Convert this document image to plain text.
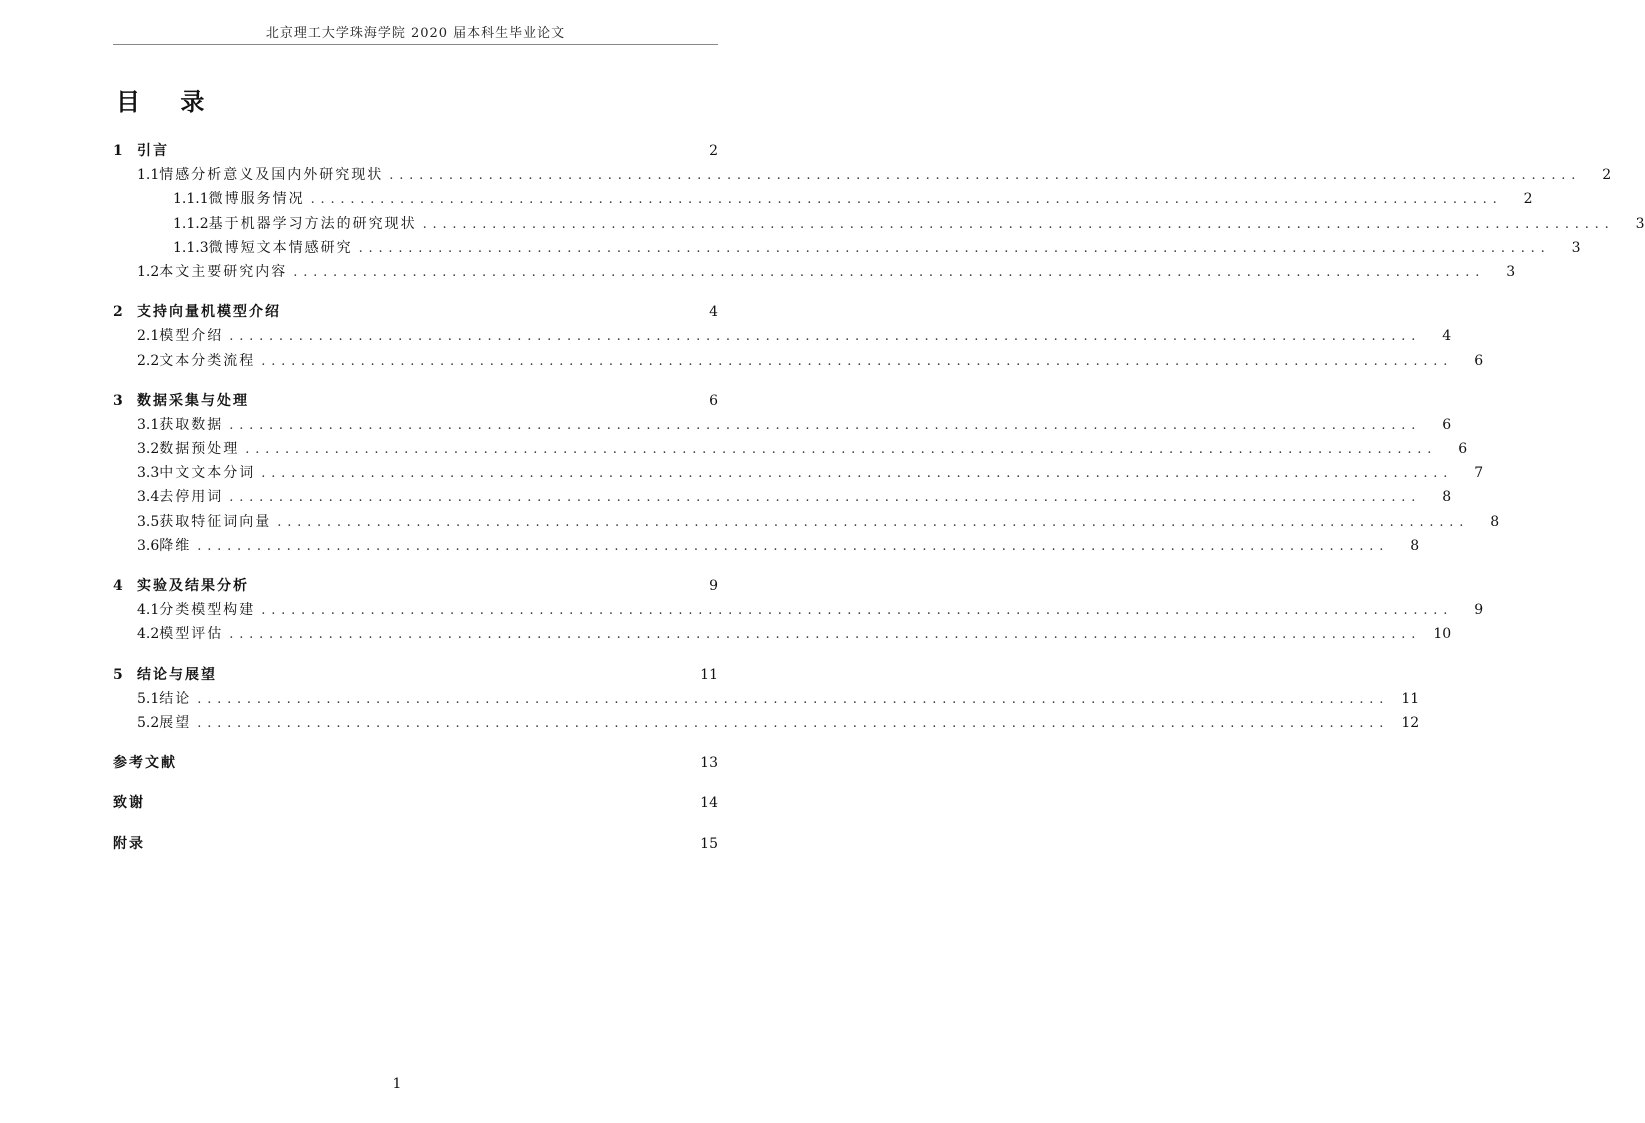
北京理工大学珠海学院 2020 届本科生毕业论文
目 录
1	引言	2
1.1 情感分析意义及国内外研究现状 ........................................................................................................................	2
1.1.1 微博服务情况 ........................................................................................................................	2
1.1.2 基于机器学习方法的研究现状 ........................................................................................................................	3
1.1.3 微博短文本情感研究 ........................................................................................................................	3
1.2 本文主要研究内容 ........................................................................................................................	3
2	支持向量机模型介绍	4
2.1 模型介绍 ........................................................................................................................	4
2.2 文本分类流程 ........................................................................................................................	6
3	数据采集与处理	6
3.1 获取数据 ........................................................................................................................	6
3.2 数据预处理 ........................................................................................................................	6
3.3 中文文本分词 ........................................................................................................................	7
3.4 去停用词 ........................................................................................................................	8
3.5 获取特征词向量 ........................................................................................................................	8
3.6 降维 ........................................................................................................................	8
4	实验及结果分析	9
4.1 分类模型构建 ........................................................................................................................	9
4.2 模型评估 ........................................................................................................................ 10
5	结论与展望	11
5.1 结论 ........................................................................................................................ 11
5.2 展望 ........................................................................................................................ 12
参考文献	13
致谢	14
附录	15
1
